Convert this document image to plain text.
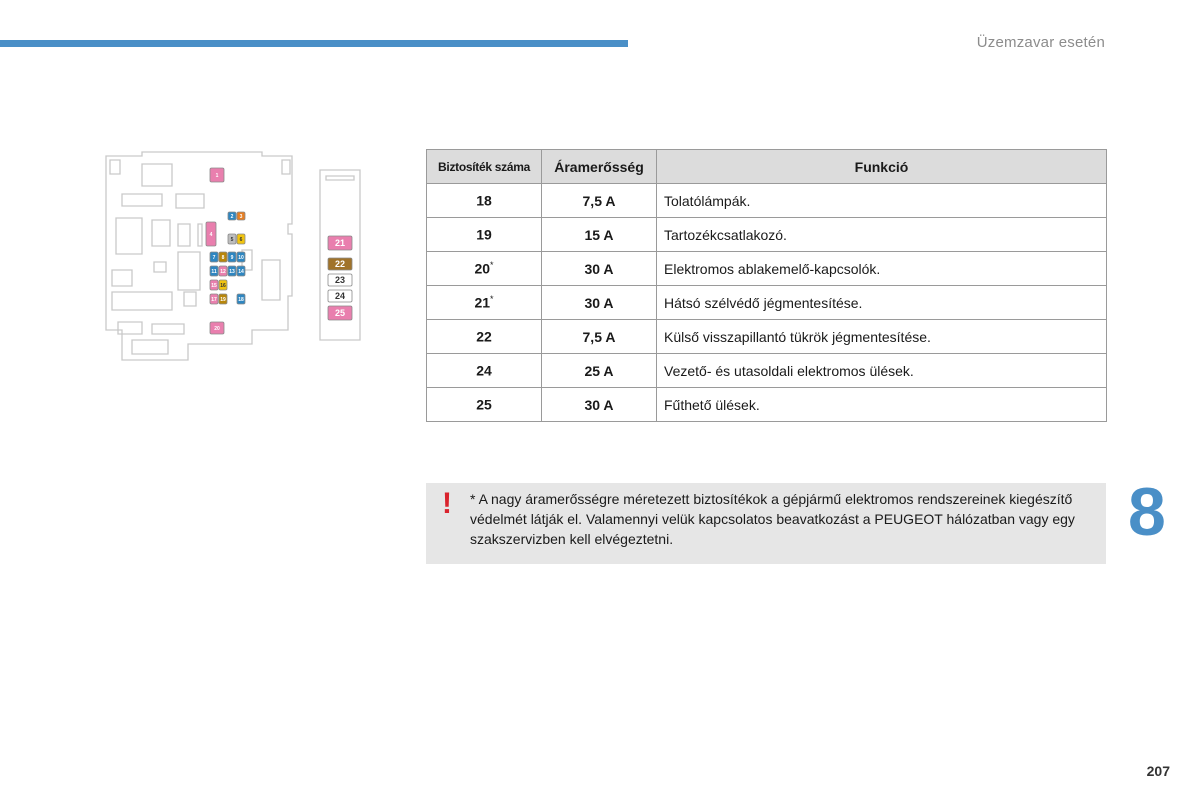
Üzemzavar esetén
1
2 3
4
5 6
7 8 9 10
11 12 13 14
15 16
17	18
19
20
21
22
23
24
25
Biztosíték száma	Áramerősség	Funkció
18	7,5 A	Tolatólámpák.
19	15 A	Tartozékcsatlakozó.
20*	30 A	Elektromos ablakemelő-kapcsolók.
21*	30 A	Hátsó szélvédő jégmentesítése.
22	7,5 A	Külső visszapillantó tükrök jégmentesítése.
24	25 A	Vezető- és utasoldali elektromos ülések.
25	30 A	Fűthető ülések.
! * A nagy áramerősségre méretezett biztosítékok a gépjármű elektromos rendszereinek kiegészítő védelmét látják el. Valamennyi velük kapcsolatos beavatkozást a PEUGEOT hálózatban vagy egy szakszervizben kell elvégeztetni.	8
207
